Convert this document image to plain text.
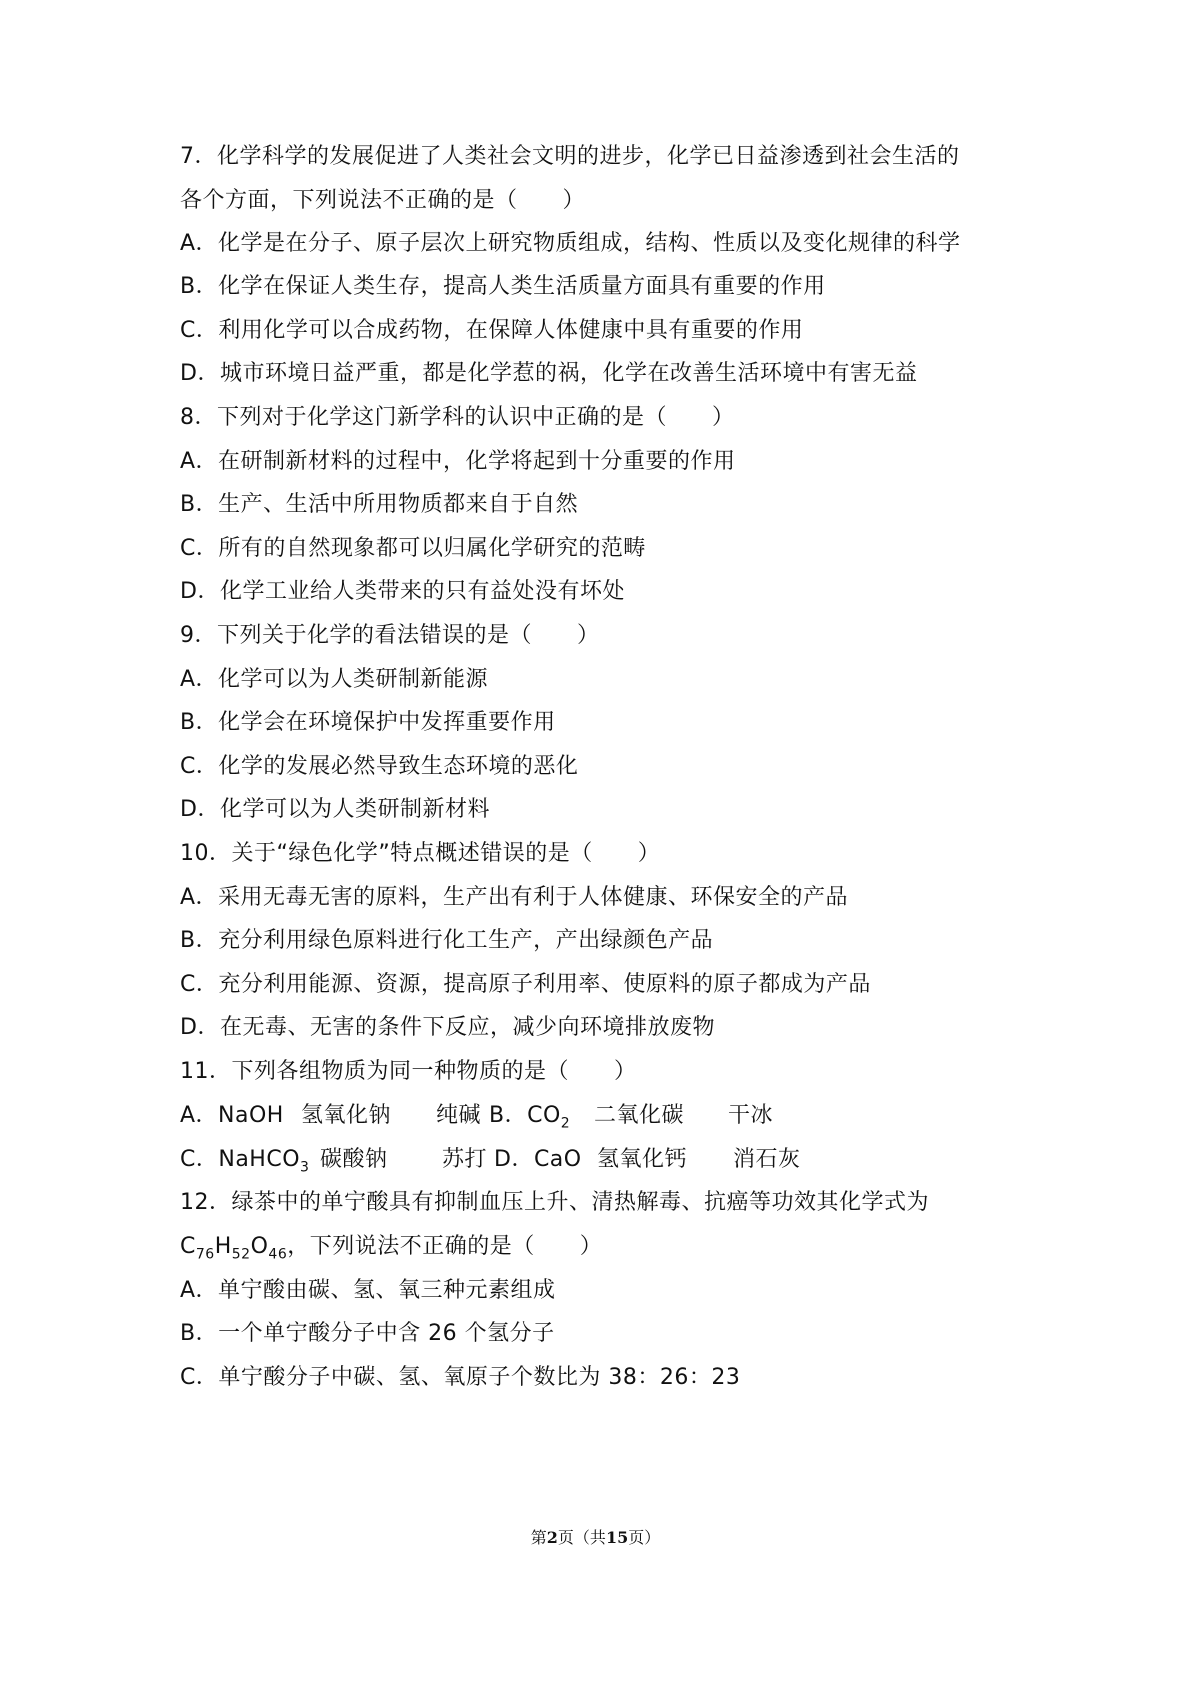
7．化学科学的发展促进了人类社会文明的进步，化学已日益渗透到社会生活的
各个方面，下列说法不正确的是（　　）
A．化学是在分子、原子层次上研究物质组成，结构、性质以及变化规律的科学
B．化学在保证人类生存，提高人类生活质量方面具有重要的作用
C．利用化学可以合成药物，在保障人体健康中具有重要的作用
D．城市环境日益严重，都是化学惹的祸，化学在改善生活环境中有害无益
8．下列对于化学这门新学科的认识中正确的是（　　）
A．在研制新材料的过程中，化学将起到十分重要的作用
B．生产、生活中所用物质都来自于自然
C．所有的自然现象都可以归属化学研究的范畴
D．化学工业给人类带来的只有益处没有坏处
9．下列关于化学的看法错误的是（　　）
A．化学可以为人类研制新能源
B．化学会在环境保护中发挥重要作用
C．化学的发展必然导致生态环境的恶化
D．化学可以为人类研制新材料
10．关于“绿色化学”特点概述错误的是（　　）
A．采用无毒无害的原料，生产出有利于人体健康、环保安全的产品
B．充分利用绿色原料进行化工生产，产出绿颜色产品
C．充分利用能源、资源，提高原子利用率、使原料的原子都成为产品
D．在无毒、无害的条件下反应，减少向环境排放废物
11．下列各组物质为同一种物质的是（　　）
A．NaOH 氢氧化钠 纯碱 B．$CO_2$ 二氧化碳 干冰
C．NaHCO$_3$ 碳酸钠 苏打 D．CaO 氢氧化钙 消石灰
12．绿茶中的单宁酸具有抑制血压上升、清热解毒、抗癌等功效其化学式为
$C_{76}H_{52}O_{46}$，下列说法不正确的是（　　）
A．单宁酸由碳、氢、氧三种元素组成
B．一个单宁酸分子中含 26 个氢分子
C．单宁酸分子中碳、氢、氧原子个数比为 38：26：23
第2页（共15页）
